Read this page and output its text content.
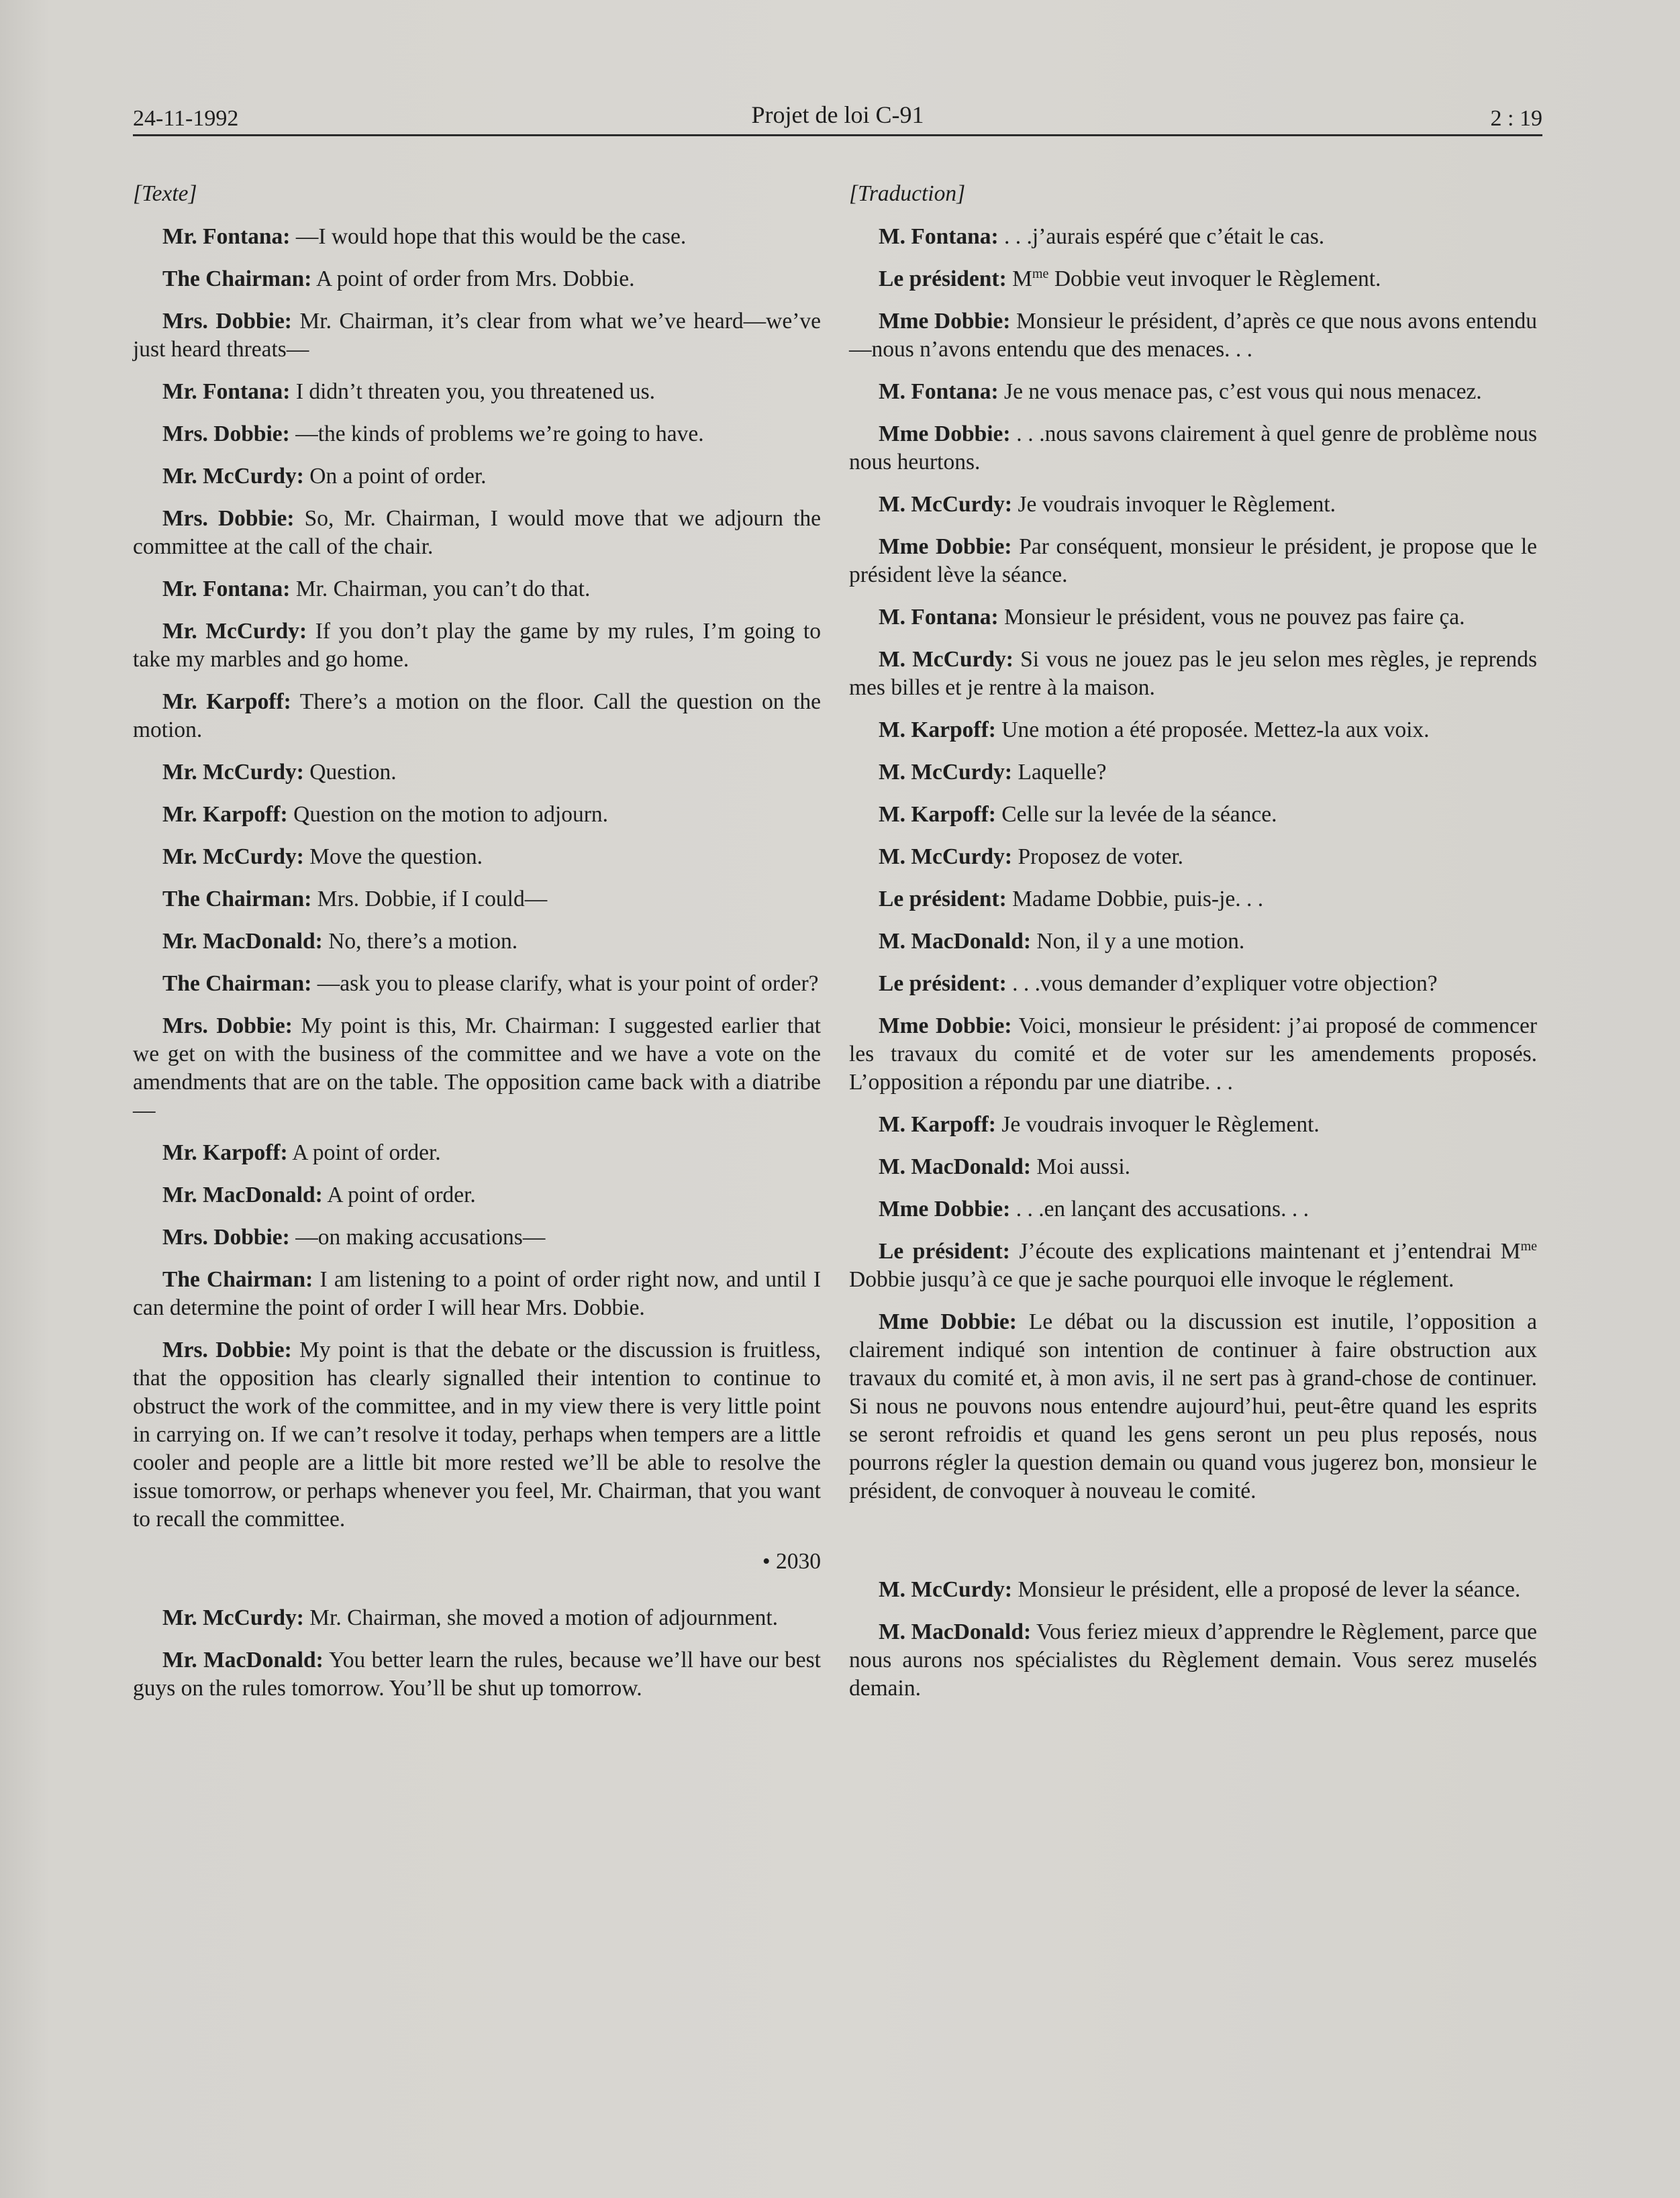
24-11-1992	Projet de loi C-91	2 : 19
[Texte]

Mr. Fontana: —I would hope that this would be the case.

The Chairman: A point of order from Mrs. Dobbie.

Mrs. Dobbie: Mr. Chairman, it’s clear from what we’ve heard—we’ve just heard threats—

Mr. Fontana: I didn’t threaten you, you threatened us.

Mrs. Dobbie: —the kinds of problems we’re going to have.

Mr. McCurdy: On a point of order.

Mrs. Dobbie: So, Mr. Chairman, I would move that we adjourn the committee at the call of the chair.

Mr. Fontana: Mr. Chairman, you can’t do that.

Mr. McCurdy: If you don’t play the game by my rules, I’m going to take my marbles and go home.

Mr. Karpoff: There’s a motion on the floor. Call the question on the motion.

Mr. McCurdy: Question.

Mr. Karpoff: Question on the motion to adjourn.

Mr. McCurdy: Move the question.

The Chairman: Mrs. Dobbie, if I could—

Mr. MacDonald: No, there’s a motion.

The Chairman: —ask you to please clarify, what is your point of order?

Mrs. Dobbie: My point is this, Mr. Chairman: I suggested earlier that we get on with the business of the committee and we have a vote on the amendments that are on the table. The opposition came back with a diatribe—

Mr. Karpoff: A point of order.

Mr. MacDonald: A point of order.

Mrs. Dobbie: —on making accusations—

The Chairman: I am listening to a point of order right now, and until I can determine the point of order I will hear Mrs. Dobbie.

Mrs. Dobbie: My point is that the debate or the discussion is fruitless, that the opposition has clearly signalled their intention to continue to obstruct the work of the committee, and in my view there is very little point in carrying on. If we can’t resolve it today, perhaps when tempers are a little cooler and people are a little bit more rested we’ll be able to resolve the issue tomorrow, or perhaps whenever you feel, Mr. Chairman, that you want to recall the committee.

• 2030

Mr. McCurdy: Mr. Chairman, she moved a motion of adjournment.

Mr. MacDonald: You better learn the rules, because we’ll have our best guys on the rules tomorrow. You’ll be shut up tomorrow.

[Traduction]

M. Fontana: . . .j’aurais espéré que c’était le cas.

Le président: $M^{me}$ Dobbie veut invoquer le Règlement.

Mme Dobbie: Monsieur le président, d’après ce que nous avons entendu—nous n’avons entendu que des menaces. . .

M. Fontana: Je ne vous menace pas, c’est vous qui nous menacez.

Mme Dobbie: . . .nous savons clairement à quel genre de problème nous nous heurtons.

M. McCurdy: Je voudrais invoquer le Règlement.

Mme Dobbie: Par conséquent, monsieur le président, je propose que le président lève la séance.

M. Fontana: Monsieur le président, vous ne pouvez pas faire ça.

M. McCurdy: Si vous ne jouez pas le jeu selon mes règles, je reprends mes billes et je rentre à la maison.

M. Karpoff: Une motion a été proposée. Mettez-la aux voix.

M. McCurdy: Laquelle?

M. Karpoff: Celle sur la levée de la séance.

M. McCurdy: Proposez de voter.

Le président: Madame Dobbie, puis-je. . .

M. MacDonald: Non, il y a une motion.

Le président: . . .vous demander d’expliquer votre objection?

Mme Dobbie: Voici, monsieur le président: j’ai proposé de commencer les travaux du comité et de voter sur les amendements proposés. L’opposition a répondu par une diatribe. . .

M. Karpoff: Je voudrais invoquer le Règlement.

M. MacDonald: Moi aussi.

Mme Dobbie: . . .en lançant des accusations. . .

Le président: J’écoute des explications maintenant et j’entendrai $M^{me}$ Dobbie jusqu’à ce que je sache pourquoi elle invoque le réglement.

Mme Dobbie: Le débat ou la discussion est inutile, l’opposition a clairement indiqué son intention de continuer à faire obstruction aux travaux du comité et, à mon avis, il ne sert pas à grand-chose de continuer. Si nous ne pouvons nous entendre aujourd’hui, peut-être quand les esprits se seront refroidis et quand les gens seront un peu plus reposés, nous pourrons régler la question demain ou quand vous jugerez bon, monsieur le président, de convoquer à nouveau le comité.

M. McCurdy: Monsieur le président, elle a proposé de lever la séance.

M. MacDonald: Vous feriez mieux d’apprendre le Règlement, parce que nous aurons nos spécialistes du Règlement demain. Vous serez muselés demain.
